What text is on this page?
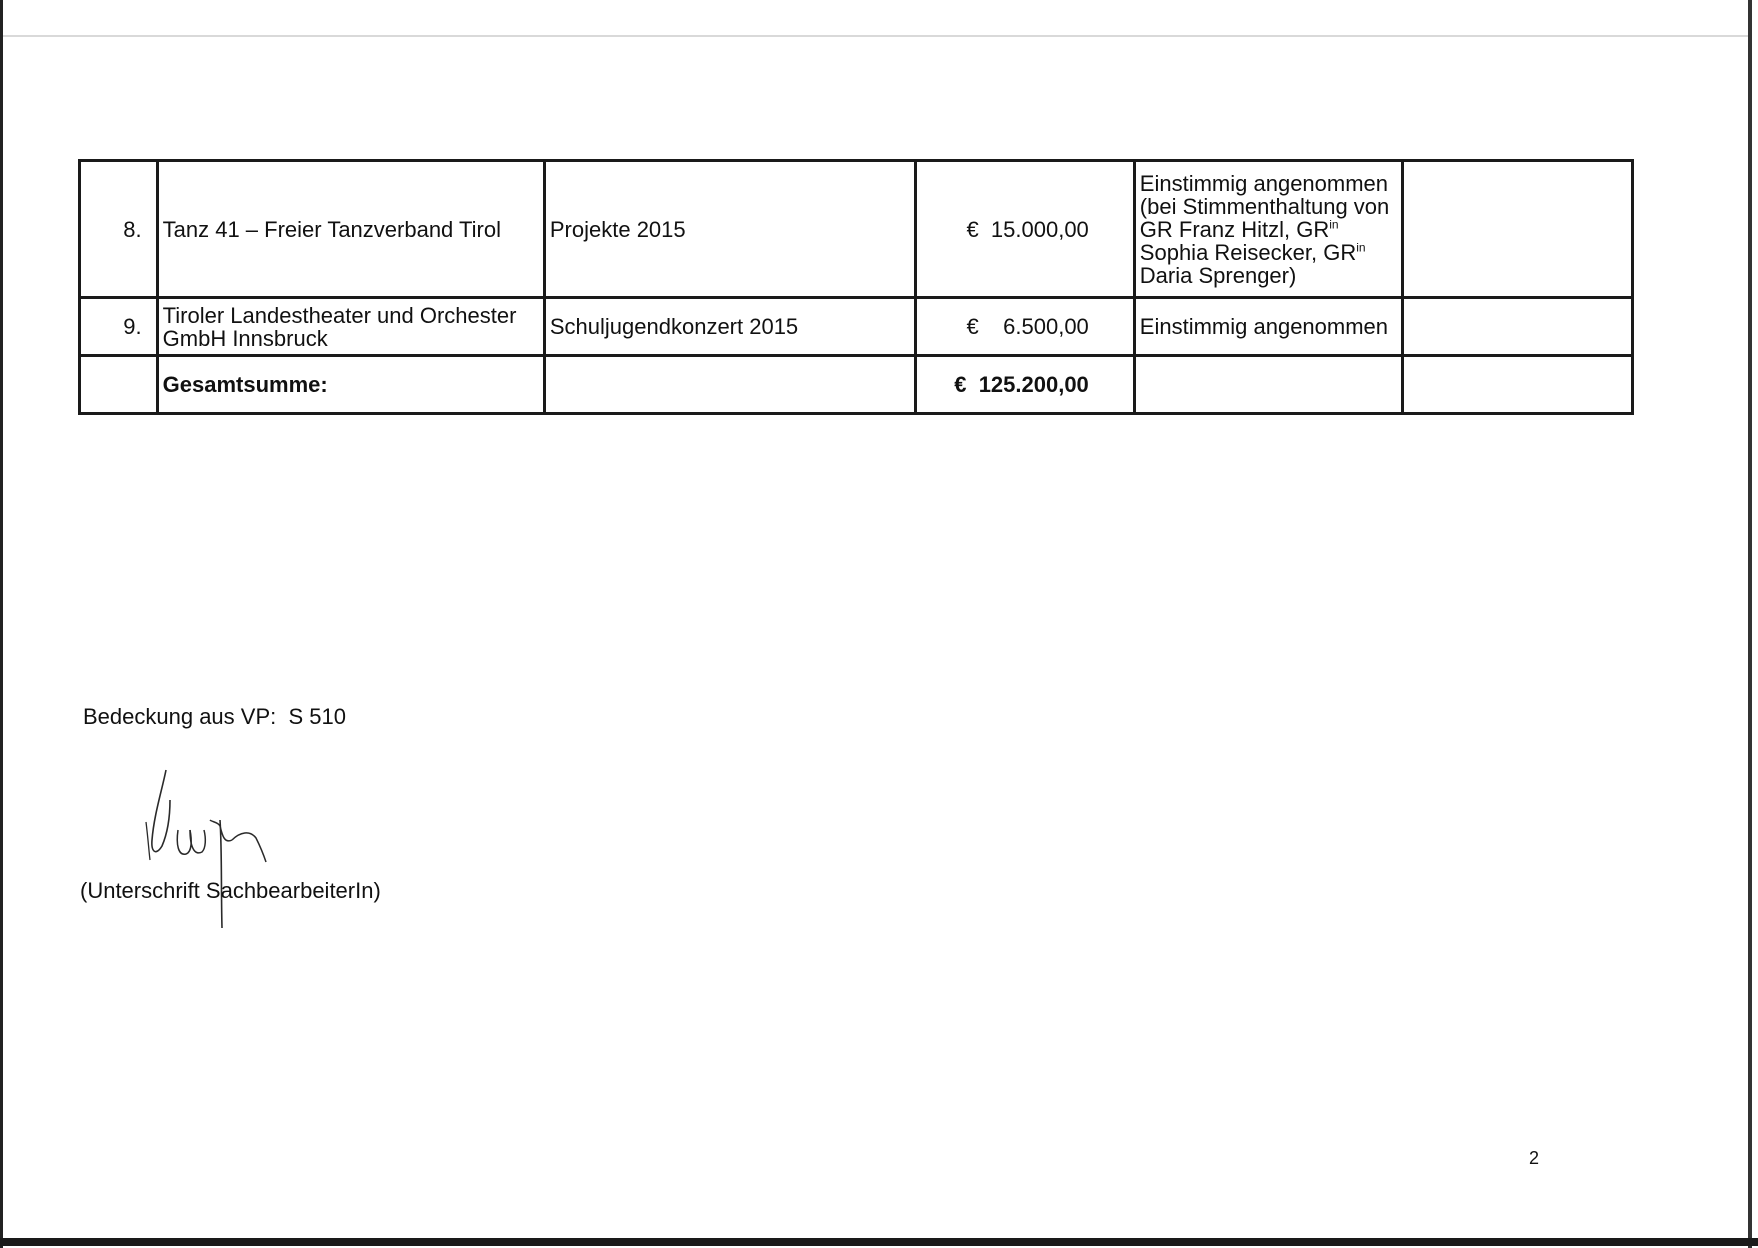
8.	Tanz 41 – Freier Tanzverband Tirol	Projekte 2015	€ 15.000,00	Einstimmig angenommen
(bei Stimmenthaltung von
GR Franz Hitzl, $GR^{in}$
Sophia Reisecker, $GR^{in}$
Daria Sprenger)	
9.	Tiroler Landestheater und Orchester
GmbH Innsbruck	Schuljugendkonzert 2015	€ 6.500,00	Einstimmig angenommen	
	Gesamtsumme:		€ 125.200,00		
Bedeckung aus VP:  S 510
(Unterschrift SachbearbeiterIn)
2
